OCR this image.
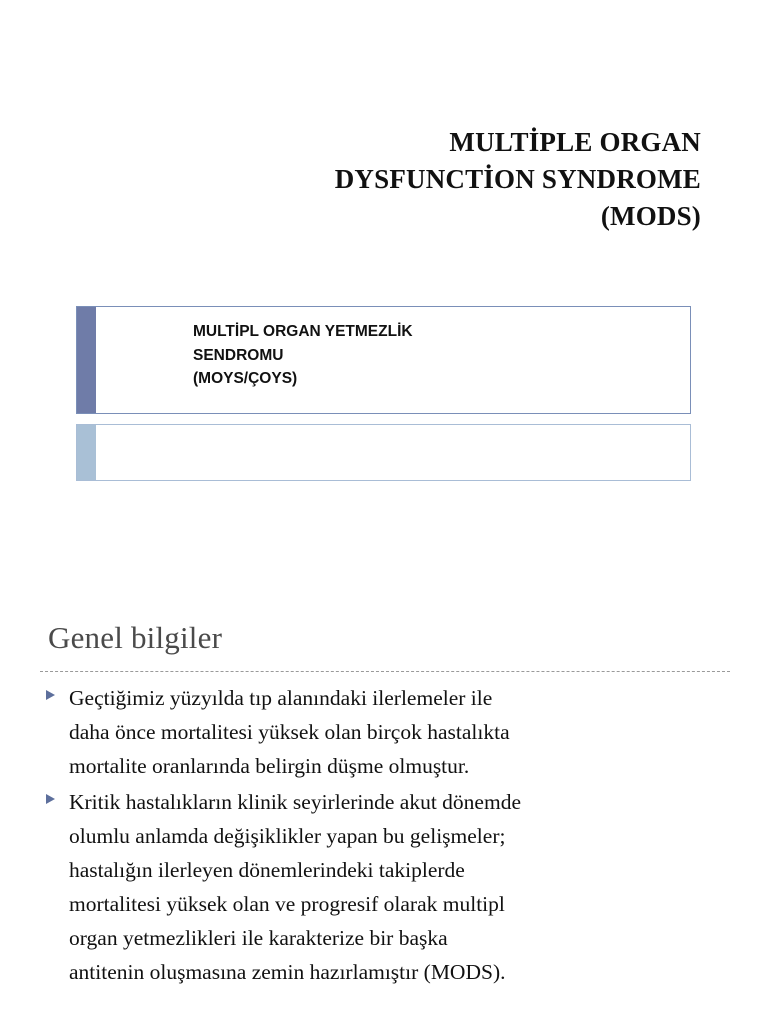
MULTİPLE ORGAN
DYSFUNCTİON SYNDROME
(MODS)
MULTİPL ORGAN YETMEZLİK
SENDROMU
(MOYS/ÇOYS)
Genel bilgiler
Geçtiğimiz yüzyılda tıp alanındaki ilerlemeler ile
daha önce mortalitesi yüksek olan birçok hastalıkta
mortalite oranlarında belirgin düşme olmuştur.
Kritik hastalıkların klinik seyirlerinde akut dönemde
olumlu anlamda değişiklikler yapan bu gelişmeler;
hastalığın ilerleyen dönemlerindeki takiplerde
mortalitesi yüksek olan ve progresif olarak multipl
organ yetmezlikleri ile karakterize bir başka
antitenin oluşmasına zemin hazırlamıştır (MODS).
